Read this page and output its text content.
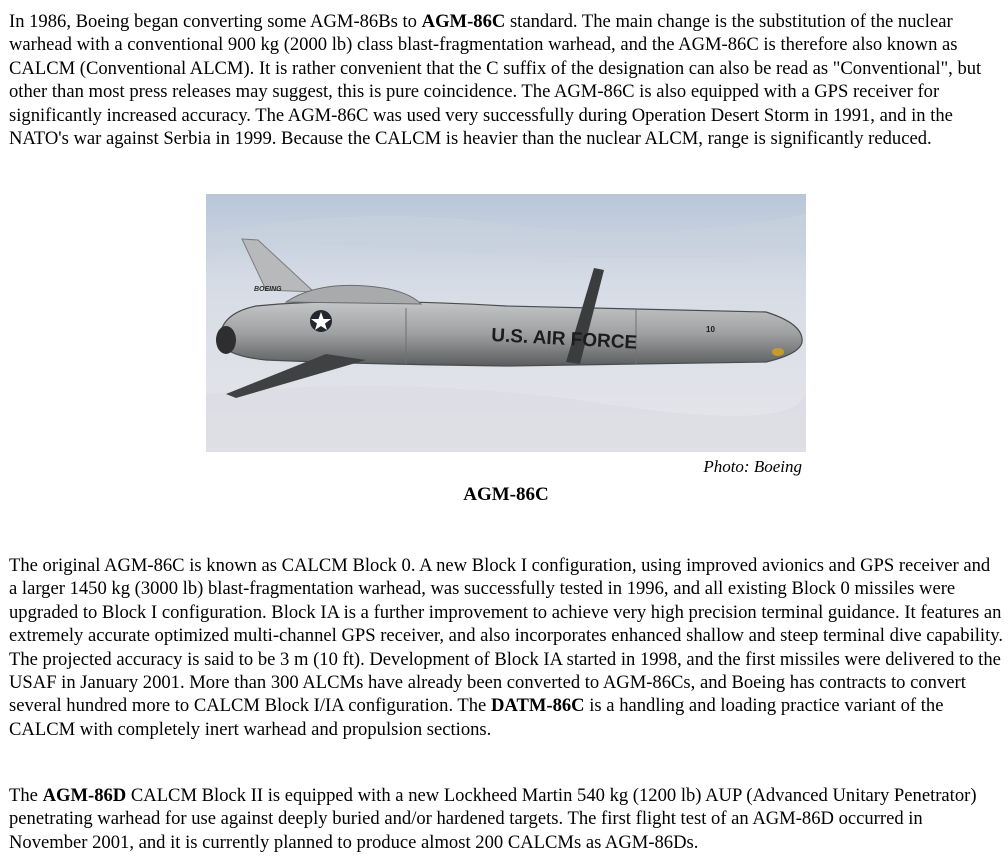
In 1986, Boeing began converting some AGM-86Bs to AGM-86C standard. The main change is the substitution of the nuclear warhead with a conventional 900 kg (2000 lb) class blast-fragmentation warhead, and the AGM-86C is therefore also known as CALCM (Conventional ALCM). It is rather convenient that the C suffix of the designation can also be read as "Conventional", but other than most press releases may suggest, this is pure coincidence. The AGM-86C is also equipped with a GPS receiver for significantly increased accuracy. The AGM-86C was used very successfully during Operation Desert Storm in 1991, and in the NATO's war against Serbia in 1999. Because the CALCM is heavier than the nuclear ALCM, range is significantly reduced.

U.S. AIR FORCE
BOEING
10
Photo: Boeing
AGM-86C

The original AGM-86C is known as CALCM Block 0. A new Block I configuration, using improved avionics and GPS receiver and a larger 1450 kg (3000 lb) blast-fragmentation warhead, was successfully tested in 1996, and all existing Block 0 missiles were upgraded to Block I configuration. Block IA is a further improvement to achieve very high precision terminal guidance. It features an extremely accurate optimized multi-channel GPS receiver, and also incorporates enhanced shallow and steep terminal dive capability. The projected accuracy is said to be 3 m (10 ft). Development of Block IA started in 1998, and the first missiles were delivered to the USAF in January 2001. More than 300 ALCMs have already been converted to AGM-86Cs, and Boeing has contracts to convert several hundred more to CALCM Block I/IA configuration. The DATM-86C is a handling and loading practice variant of the CALCM with completely inert warhead and propulsion sections.

The AGM-86D CALCM Block II is equipped with a new Lockheed Martin 540 kg (1200 lb) AUP (Advanced Unitary Penetrator) penetrating warhead for use against deeply buried and/or hardened targets. The first flight test of an AGM-86D occurred in November 2001, and it is currently planned to produce almost 200 CALCMs as AGM-86Ds.
